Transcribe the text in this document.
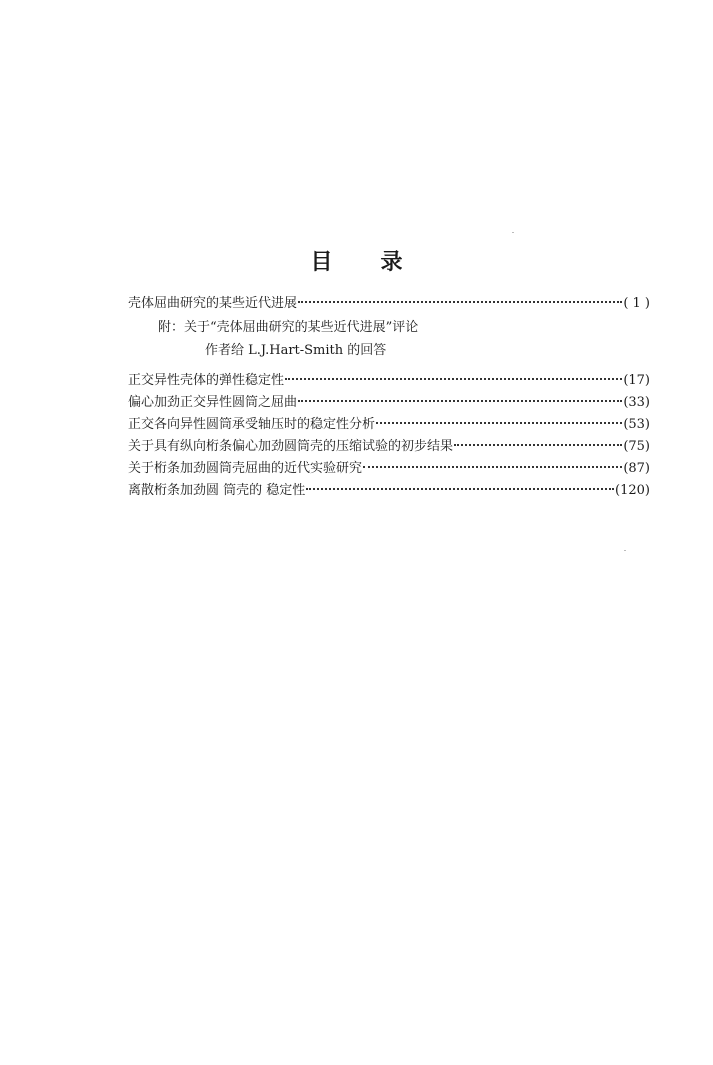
目 录
壳体屈曲研究的某些近代进展	( 1 )
附：关于“壳体屈曲研究的某些近代进展”评论
作者给 L.J.Hart-Smith 的回答
正交异性壳体的弹性稳定性	(17)
偏心加劲正交异性圆筒之屈曲	(33)
正交各向异性圆筒承受轴压时的稳定性分析	(53)
关于具有纵向桁条偏心加劲圆筒壳的压缩试验的初步结果	(75)
关于桁条加劲圆筒壳屈曲的近代实验研究	(87)
离散桁条加劲圆 筒壳的 稳定性	(120)
